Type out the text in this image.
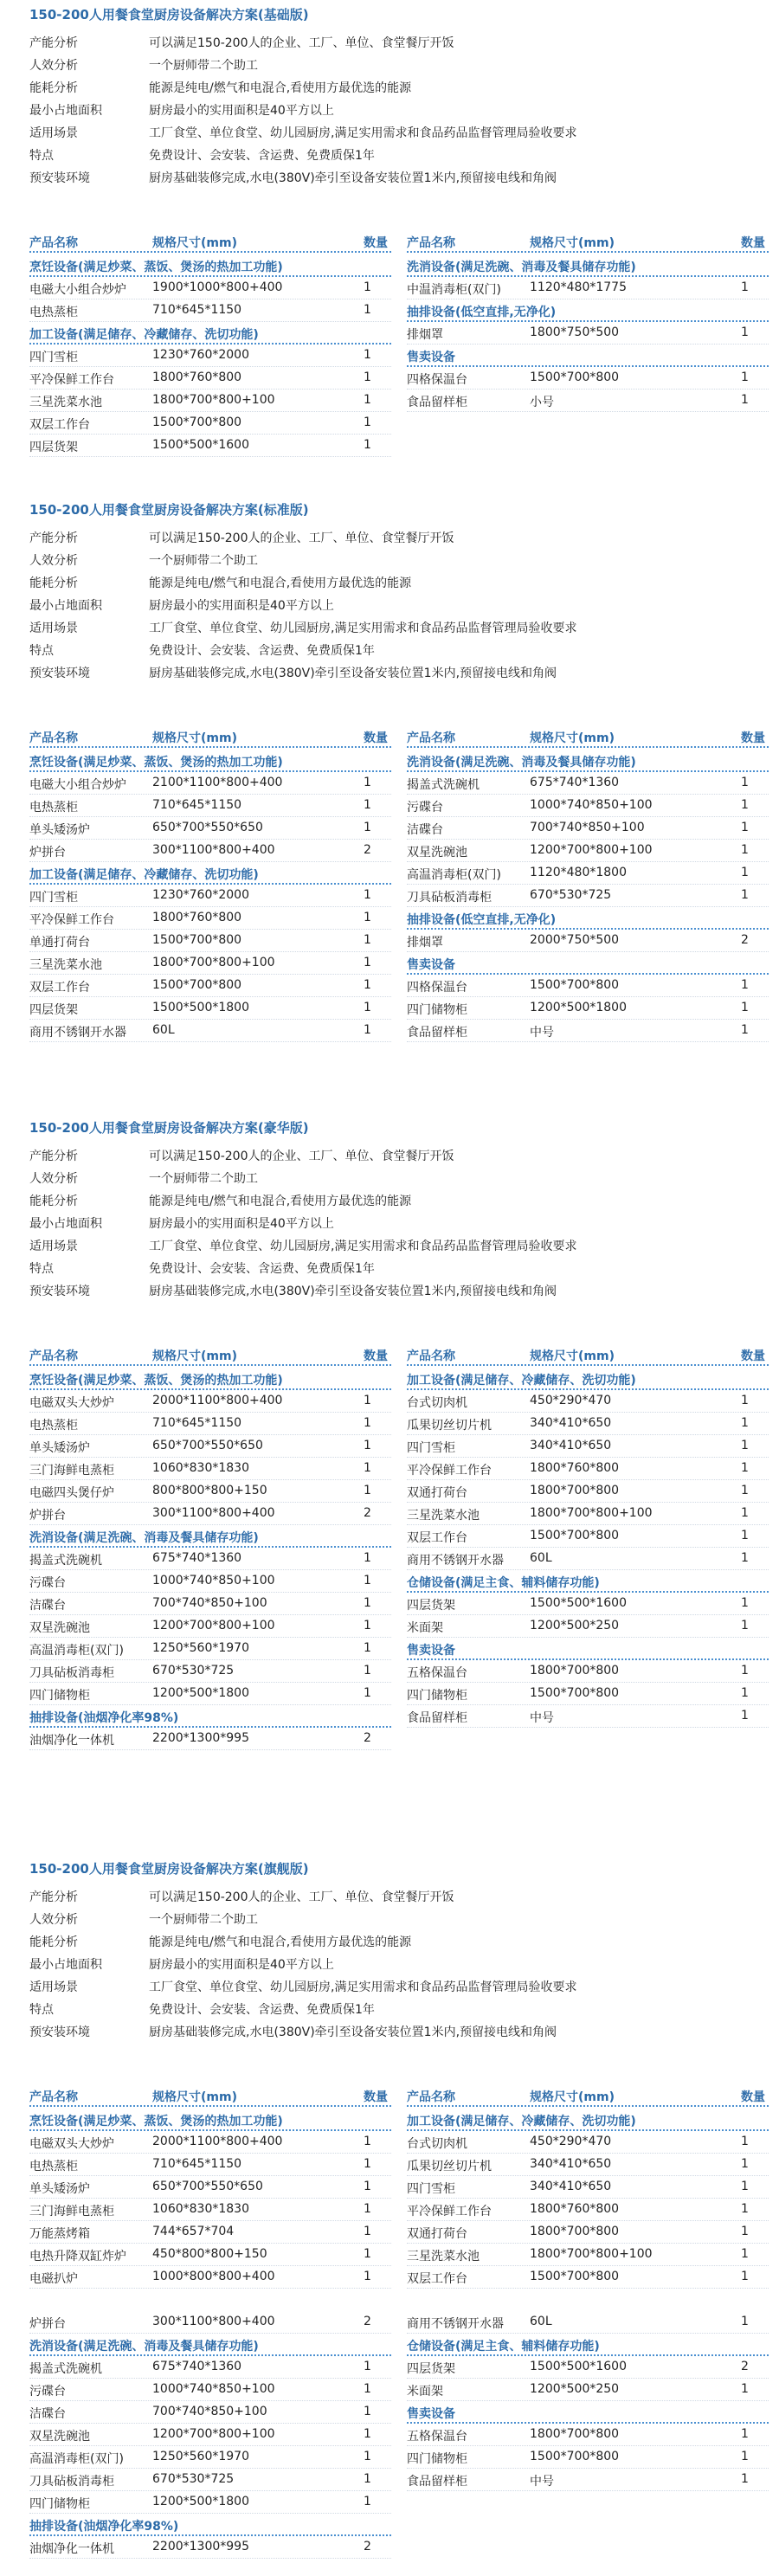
150-200人用餐食堂厨房设备解决方案(基础版)
产能分析	可以满足150-200人的企业、工厂、单位、食堂餐厅开饭
人效分析	一个厨师带二个助工
能耗分析	能源是纯电/燃气和电混合,看使用方最优选的能源
最小占地面积	厨房最小的实用面积是40平方以上
适用场景	工厂食堂、单位食堂、幼儿园厨房,满足实用需求和食品药品监督管理局验收要求
特点	免费设计、会安装、含运费、免费质保1年
预安装环境	厨房基础装修完成,水电(380V)牵引至设备安装位置1米内,预留接电线和角阀
产品名称	规格尺寸(mm)	数量 产品名称	规格尺寸(mm)	数量
烹饪设备(满足炒菜、蒸饭、煲汤的热加工功能)
电磁大小组合炒炉 1900*1000*800+400	1
电热蒸柜	710*645*1150	1
加工设备(满足储存、冷藏储存、洗切功能)
四门雪柜	1230*760*2000	1
平冷保鲜工作台	1800*760*800	1
三星洗菜水池	1800*700*800+100	1
双层工作台	1500*700*800	1
四层货架	1500*500*1600	1
洗消设备(满足洗碗、消毒及餐具储存功能)
中温消毒柜(双门) 1120*480*1775	1
抽排设备(低空直排,无净化)
排烟罩	1800*750*500	1
售卖设备
四格保温台	1500*700*800	1
食品留样柜	小号	1
150-200人用餐食堂厨房设备解决方案(标准版)
产能分析	可以满足150-200人的企业、工厂、单位、食堂餐厅开饭
人效分析	一个厨师带二个助工
能耗分析	能源是纯电/燃气和电混合,看使用方最优选的能源
最小占地面积	厨房最小的实用面积是40平方以上
适用场景	工厂食堂、单位食堂、幼儿园厨房,满足实用需求和食品药品监督管理局验收要求
特点	免费设计、会安装、含运费、免费质保1年
预安装环境	厨房基础装修完成,水电(380V)牵引至设备安装位置1米内,预留接电线和角阀
产品名称	规格尺寸(mm)	数量 产品名称	规格尺寸(mm)	数量
烹饪设备(满足炒菜、蒸饭、煲汤的热加工功能)
电磁大小组合炒炉 2100*1100*800+400	1
电热蒸柜	710*645*1150	1
单头矮汤炉	650*700*550*650	1
炉拼台	300*1100*800+400	2
加工设备(满足储存、冷藏储存、洗切功能)
四门雪柜	1230*760*2000	1
平冷保鲜工作台	1800*760*800	1
单通打荷台	1500*700*800	1
三星洗菜水池	1800*700*800+100	1
双层工作台	1500*700*800	1
四层货架	1500*500*1800	1
商用不锈钢开水器 60L	1
洗消设备(满足洗碗、消毒及餐具储存功能)
揭盖式洗碗机	675*740*1360	1
污碟台	1000*740*850+100	1
洁碟台	700*740*850+100	1
双星洗碗池	1200*700*800+100	1
高温消毒柜(双门) 1120*480*1800	1
刀具砧板消毒柜	670*530*725	1
抽排设备(低空直排,无净化)
排烟罩	2000*750*500	2
售卖设备
四格保温台	1500*700*800	1
四门储物柜	1200*500*1800	1
食品留样柜	中号	1
150-200人用餐食堂厨房设备解决方案(豪华版)
产能分析	可以满足150-200人的企业、工厂、单位、食堂餐厅开饭
人效分析	一个厨师带二个助工
能耗分析	能源是纯电/燃气和电混合,看使用方最优选的能源
最小占地面积	厨房最小的实用面积是40平方以上
适用场景	工厂食堂、单位食堂、幼儿园厨房,满足实用需求和食品药品监督管理局验收要求
特点	免费设计、会安装、含运费、免费质保1年
预安装环境	厨房基础装修完成,水电(380V)牵引至设备安装位置1米内,预留接电线和角阀
产品名称	规格尺寸(mm)	数量 产品名称	规格尺寸(mm)	数量
烹饪设备(满足炒菜、蒸饭、煲汤的热加工功能)
电磁双头大炒炉	2000*1100*800+400	1
电热蒸柜	710*645*1150	1
单头矮汤炉	650*700*550*650	1
三门海鲜电蒸柜	1060*830*1830	1
电磁四头煲仔炉	800*800*800+150	1
炉拼台	300*1100*800+400	2
洗消设备(满足洗碗、消毒及餐具储存功能)
揭盖式洗碗机	675*740*1360	1
污碟台	1000*740*850+100	1
洁碟台	700*740*850+100	1
双星洗碗池	1200*700*800+100	1
高温消毒柜(双门) 1250*560*1970	1
刀具砧板消毒柜	670*530*725	1
四门储物柜	1200*500*1800	1
抽排设备(油烟净化率98%)
油烟净化一体机	2200*1300*995	2
加工设备(满足储存、冷藏储存、洗切功能)
台式切肉机	450*290*470	1
瓜果切丝切片机	340*410*650	1
四门雪柜	340*410*650	1
平冷保鲜工作台	1800*760*800	1
双通打荷台	1800*700*800	1
三星洗菜水池	1800*700*800+100	1
双层工作台	1500*700*800	1
商用不锈钢开水器 60L	1
仓储设备(满足主食、辅料储存功能)
四层货架	1500*500*1600	1
米面架	1200*500*250	1
售卖设备
五格保温台	1800*700*800	1
四门储物柜	1500*700*800	1
食品留样柜	中号	1
150-200人用餐食堂厨房设备解决方案(旗舰版)
产能分析	可以满足150-200人的企业、工厂、单位、食堂餐厅开饭
人效分析	一个厨师带二个助工
能耗分析	能源是纯电/燃气和电混合,看使用方最优选的能源
最小占地面积	厨房最小的实用面积是40平方以上
适用场景	工厂食堂、单位食堂、幼儿园厨房,满足实用需求和食品药品监督管理局验收要求
特点	免费设计、会安装、含运费、免费质保1年
预安装环境	厨房基础装修完成,水电(380V)牵引至设备安装位置1米内,预留接电线和角阀
产品名称	规格尺寸(mm)	数量 产品名称	规格尺寸(mm)	数量
烹饪设备(满足炒菜、蒸饭、煲汤的热加工功能)
电磁双头大炒炉	2000*1100*800+400	1
电热蒸柜	710*645*1150	1
单头矮汤炉	650*700*550*650	1
三门海鲜电蒸柜	1060*830*1830	1
万能蒸烤箱	744*657*704	1
电热升降双缸炸炉 450*800*800+150	1
电磁扒炉	1000*800*800+400	1
炉拼台	300*1100*800+400	2
洗消设备(满足洗碗、消毒及餐具储存功能)
揭盖式洗碗机	675*740*1360	1
污碟台	1000*740*850+100	1
洁碟台	700*740*850+100	1
双星洗碗池	1200*700*800+100	1
高温消毒柜(双门) 1250*560*1970	1
刀具砧板消毒柜	670*530*725	1
四门储物柜	1200*500*1800	1
抽排设备(油烟净化率98%)
油烟净化一体机	2200*1300*995	2
加工设备(满足储存、冷藏储存、洗切功能)
台式切肉机	450*290*470	1
瓜果切丝切片机	340*410*650	1
四门雪柜	340*410*650	1
平冷保鲜工作台	1800*760*800	1
双通打荷台	1800*700*800	1
三星洗菜水池	1800*700*800+100	1
双层工作台	1500*700*800	1
商用不锈钢开水器 60L	1
仓储设备(满足主食、辅料储存功能)
四层货架	1500*500*1600	2
米面架	1200*500*250	1
售卖设备
五格保温台	1800*700*800	1
四门储物柜	1500*700*800	1
食品留样柜	中号	1
